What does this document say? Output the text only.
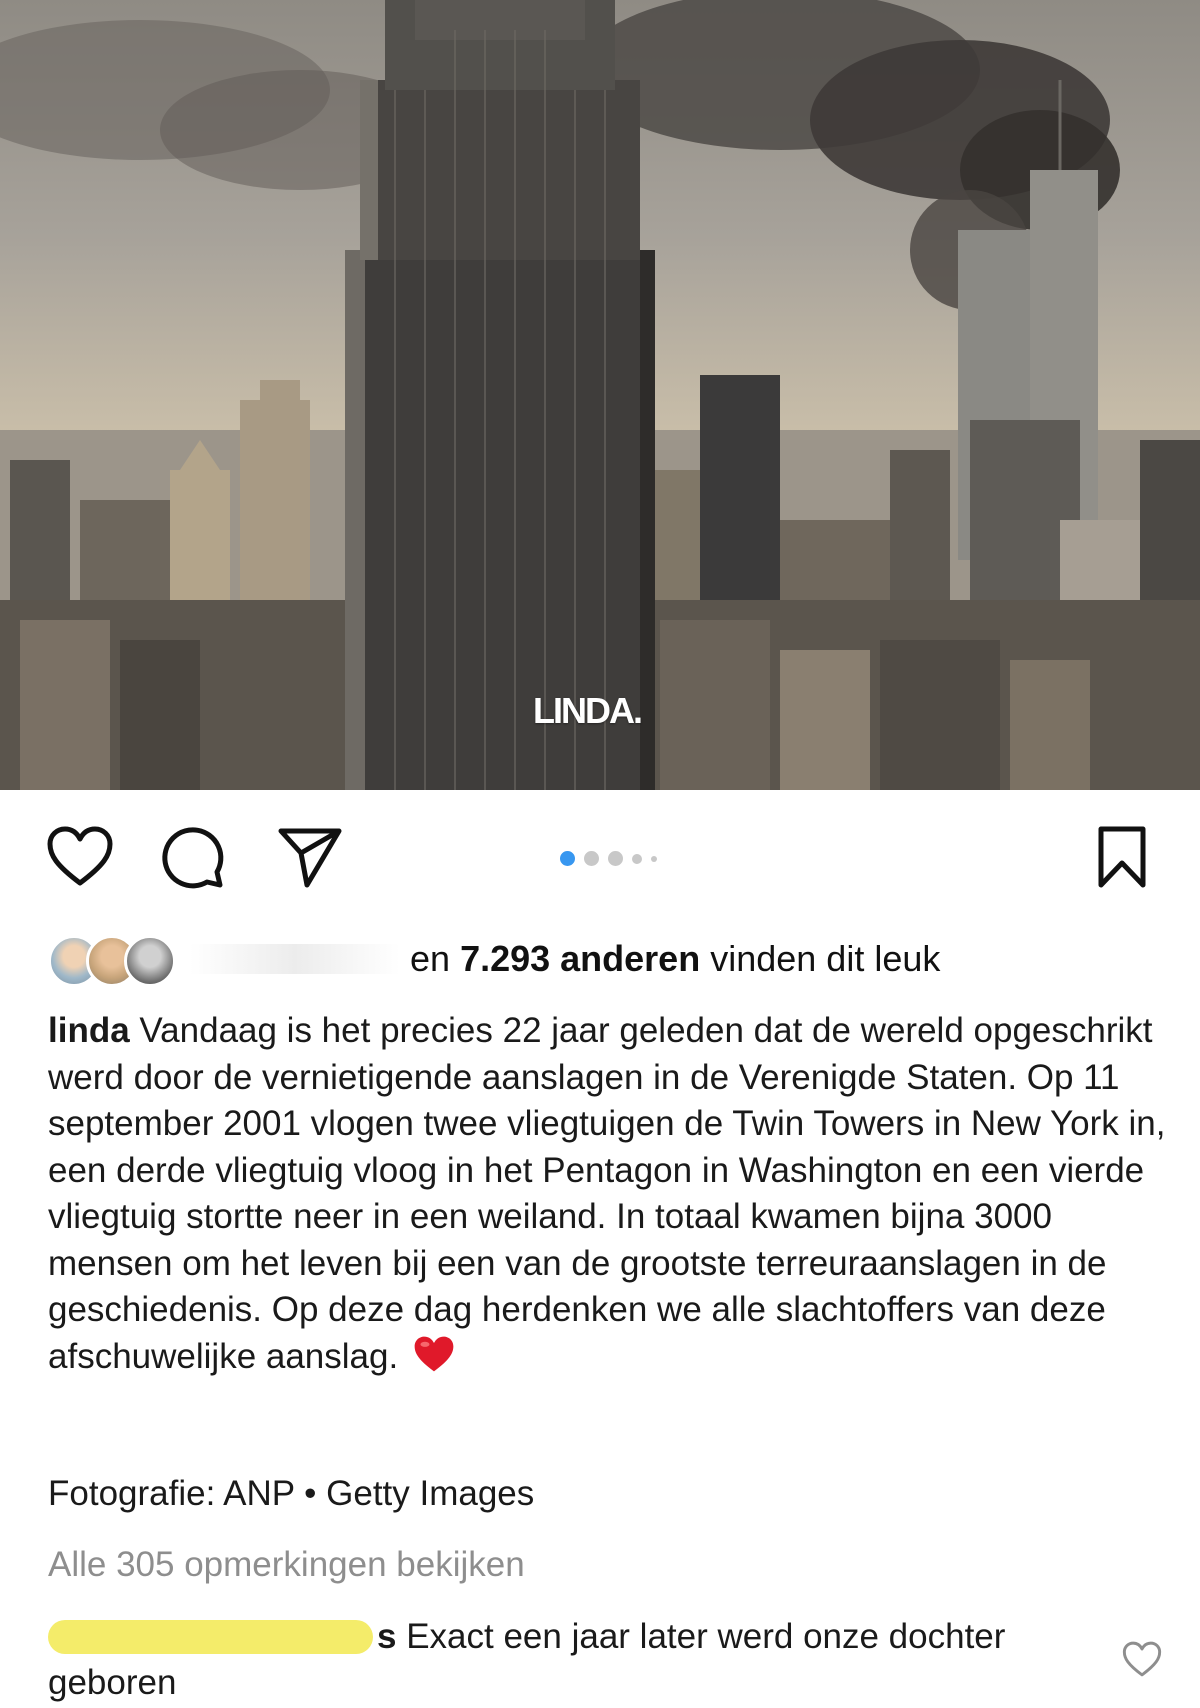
LINDA.
en
7.293 anderen
vinden dit leuk
linda Vandaag is het precies 22 jaar geleden dat de wereld opgeschrikt werd door de vernietigende aanslagen in de Verenigde Staten. Op 11 september 2001 vlogen twee vliegtuigen de Twin Towers in New York in, een derde vliegtuig vloog in het Pentagon in Washington en een vierde vliegtuig stortte neer in een weiland. In totaal kwamen bijna 3000 mensen om het leven bij een van de grootste terreuraanslagen in de geschiedenis. Op deze dag herdenken we alle slachtoffers van deze afschuwelijke aanslag.
Fotografie: ANP • Getty Images
Alle 305 opmerkingen bekijken
s Exact een jaar later werd onze dochter geboren
